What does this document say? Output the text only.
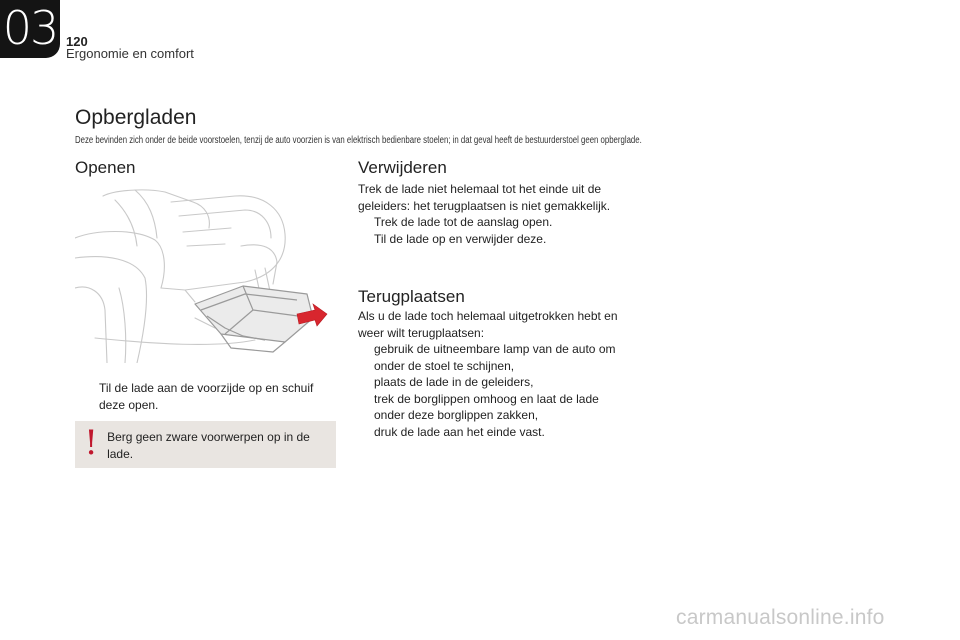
03 120
Ergonomie en comfort
Opbergladen
Deze bevinden zich onder de beide voorstoelen, tenzij de auto voorzien is van elektrisch bedienbare stoelen; in dat geval heeft de bestuurderstoel geen opberglade.
Openen
Til de lade aan de voorzijde op en schuif deze open.
! Berg geen zware voorwerpen op in de lade.
Verwijderen
Trek de lade niet helemaal tot het einde uit de geleiders: het terugplaatsen is niet gemakkelijk.
Trek de lade tot de aanslag open.
Til de lade op en verwijder deze.
Terugplaatsen
Als u de lade toch helemaal uitgetrokken hebt en weer wilt terugplaatsen:
gebruik de uitneembare lamp van de auto om onder de stoel te schijnen,
plaats de lade in de geleiders,
trek de borglippen omhoog en laat de lade onder deze borglippen zakken,
druk de lade aan het einde vast.
carmanualsonline.info
